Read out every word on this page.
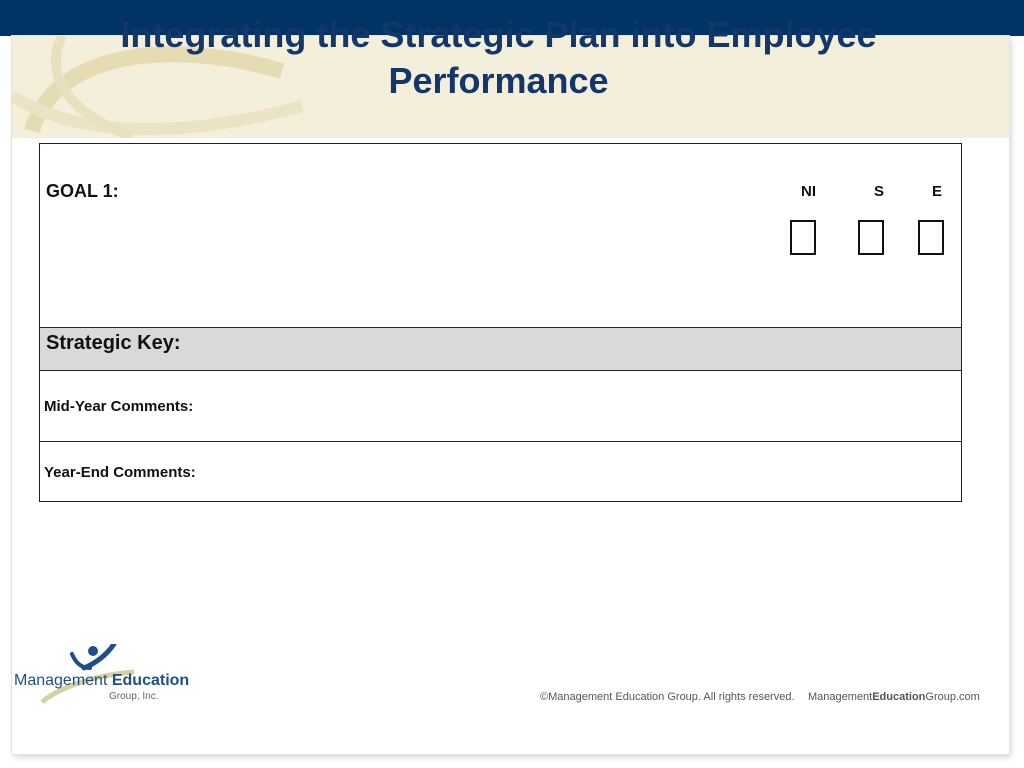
Integrating the Strategic Plan into Employee
Performance
GOAL 1:	NI	S	E
Strategic Key:
Mid-Year Comments:
Year-End Comments:
Management Education
Group, Inc.	©Management Education Group. All rights reserved. ManagementEducationGroup.com
